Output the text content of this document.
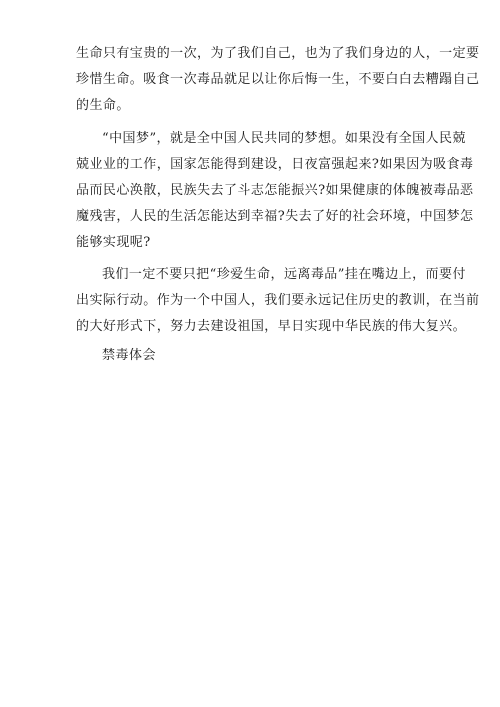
生命只有宝贵的一次，为了我们自己，也为了我们身边的人，一定要

珍惜生命。吸食一次毒品就足以让你后悔一生，不要白白去糟蹋自己

的生命。

“中国梦”，就是全中国人民共同的梦想。如果没有全国人民兢

兢业业的工作，国家怎能得到建设，日夜富强起来?如果因为吸食毒

品而民心涣散，民族失去了斗志怎能振兴?如果健康的体魄被毒品恶

魔残害，人民的生活怎能达到幸福?失去了好的社会环境，中国梦怎

能够实现呢?

我们一定不要只把“珍爱生命，远离毒品”挂在嘴边上，而要付

出实际行动。作为一个中国人，我们要永远记住历史的教训，在当前

的大好形式下，努力去建设祖国，早日实现中华民族的伟大复兴。

禁毒体会
